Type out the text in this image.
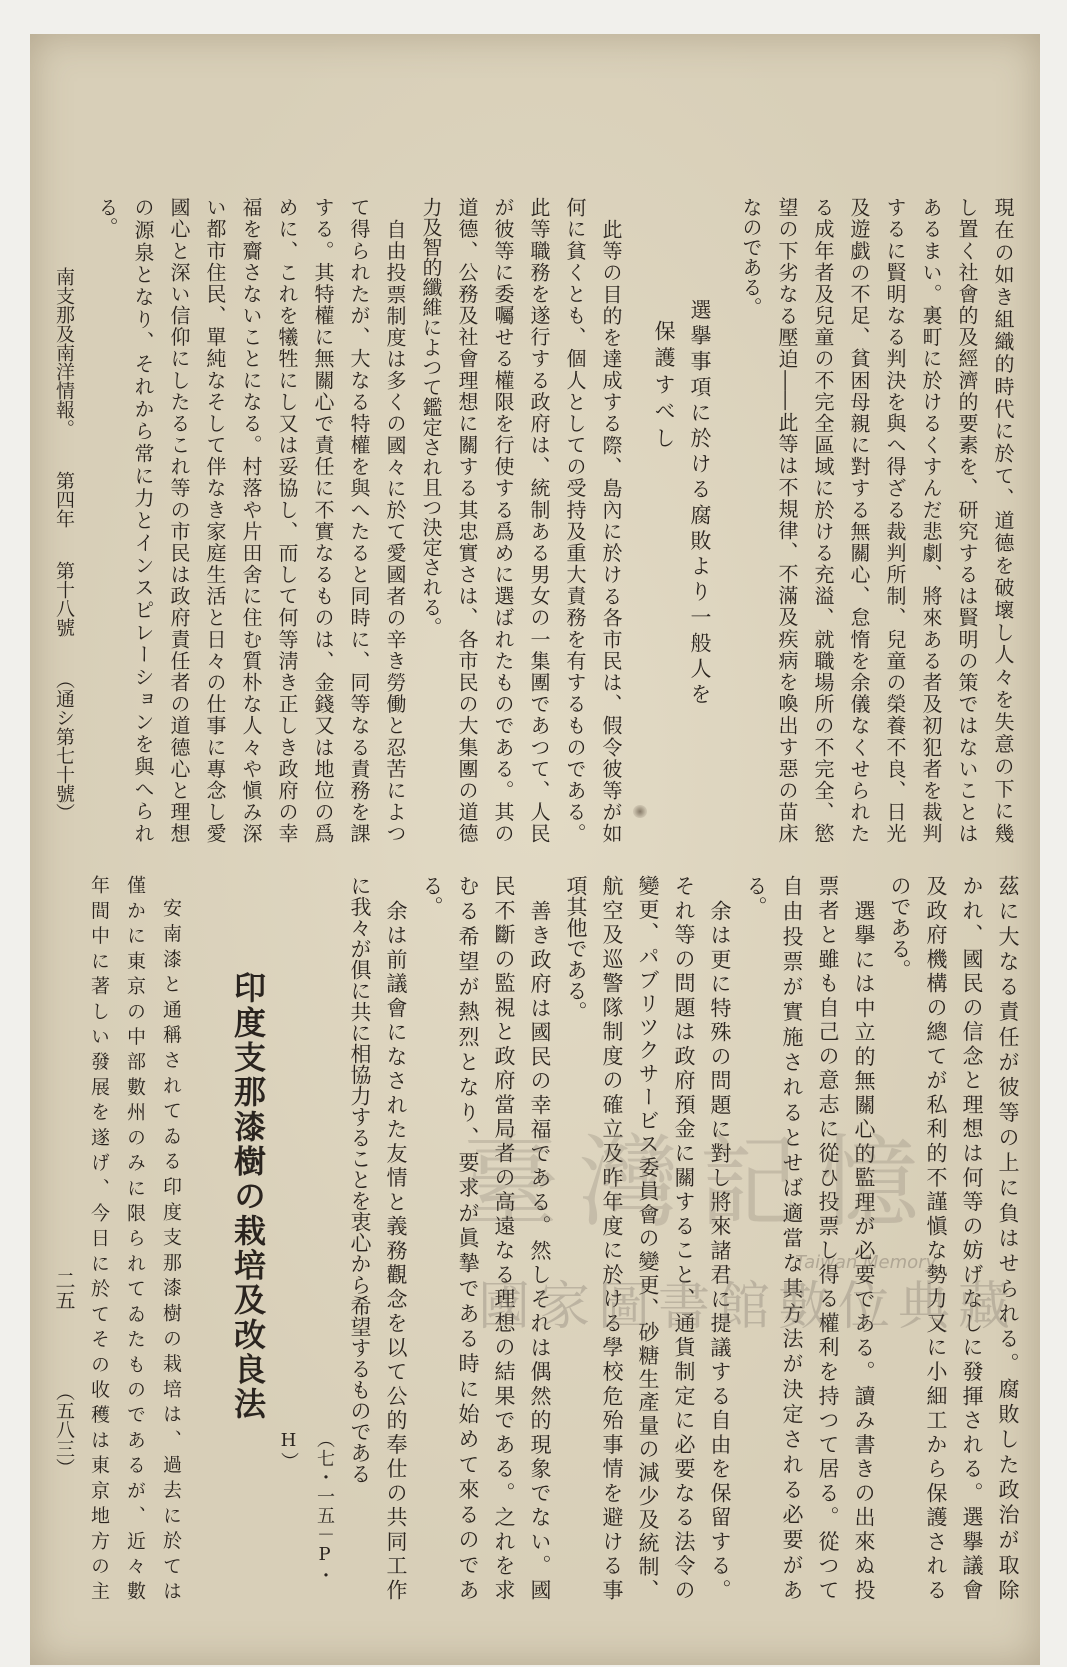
南支那及南洋情報。
第四年
第十八號
（通シ第七十號）	現在の如き組織的時代に於て、道德を破壞し人々を失意の下に幾
し置く社會的及經濟的要素を、研究するは賢明の策ではないことは
あるまい。裏町に於けるくすんだ悲劇、將來ある者及初犯者を裁判
するに賢明なる判決を與へ得ざる裁判所制、兒童の榮養不良、日光
及遊戯の不足、貧困母親に對する無關心、怠惰を余儀なくせられた
る成年者及兒童の不完全區域に於ける充溢、就職場所の不完全、慾
望の下劣なる壓迫――此等は不規律、不滿及疾病を喚出す惡の苗床
なのである。
選擧事項に於ける腐敗より一般人を
保護すべし
此等の目的を達成する際、島內に於ける各市民は、假令彼等が如
何に貧くとも、個人としての受持及重大責務を有するものである。
此等職務を遂行する政府は、統制ある男女の一集團であつて、人民
が彼等に委囑せる權限を行使する爲めに選ばれたものである。其の
道德、公務及社會理想に關する其忠實さは、各市民の大集團の道德
力及智的纖維によつて鑑定され且つ決定される。
自由投票制度は多くの國々に於て愛國者の辛き勞働と忍苦によつ
て得られたが、大なる特權を與へたると同時に、同等なる責務を課
する。其特權に無關心で責任に不實なるものは、金錢又は地位の爲
めに、これを犧牲にし又は妥協し、而して何等淸き正しき政府の幸
福を齎さないことになる。村落や片田舍に住む質朴な人々や愼み深
い都市住民、單純なそして伴なき家庭生活と日々の仕事に專念し愛
國心と深い信仰にしたるこれ等の市民は政府責任者の道德心と理想
の源泉となり、それから常に力とインスピレーションを與へられ
る。
茲に大なる責任が彼等の上に負はせられる。腐敗した政治が取除
かれ、國民の信念と理想は何等の妨げなしに發揮される。選擧議會
及政府機構の總てが私利的不謹愼な勢力又に小細工から保護される
のである。
選擧には中立的無關心的監理が必要である。讀み書きの出來ぬ投
票者と雖も自己の意志に從ひ投票し得る權利を持つて居る。從つて
自由投票が實施されるとせば適當な其方法が決定される必要があ
る。
余は更に特殊の問題に對し將來諸君に提議する自由を保留する。
それ等の問題は政府預金に關すること、通貨制定に必要なる法令の
變更、パブリツクサービス委員會の變更、砂糖生產量の減少及統制、
航空及巡警隊制度の確立及昨年度に於ける學校危殆事情を避ける事
項其他である。
善き政府は國民の幸福である。然しそれは偶然的現象でない。國
民不斷の監視と政府當局者の高遠なる理想の結果である。之れを求
むる希望が熱烈となり、要求が眞摯である時に始めて來るのであ
る。
余は前議會になされた友情と義務觀念を以て公的奉仕の共同工作
に我々が俱に共に相協力することを衷心から希望するものである
（七・一五－P・H）
印度支那漆樹の栽培及改良法
安南漆と通稱されてゐる印度支那漆樹の栽培は、過去に於ては
僅かに東京の中部數州のみに限られてゐたものであるが、近々數
年間中に著しい發展を遂げ、今日に於てその收穫は東京地方の主
二五
（五八三）
臺灣記憶
Taiwan Memory
國家圖書館數位典藏
